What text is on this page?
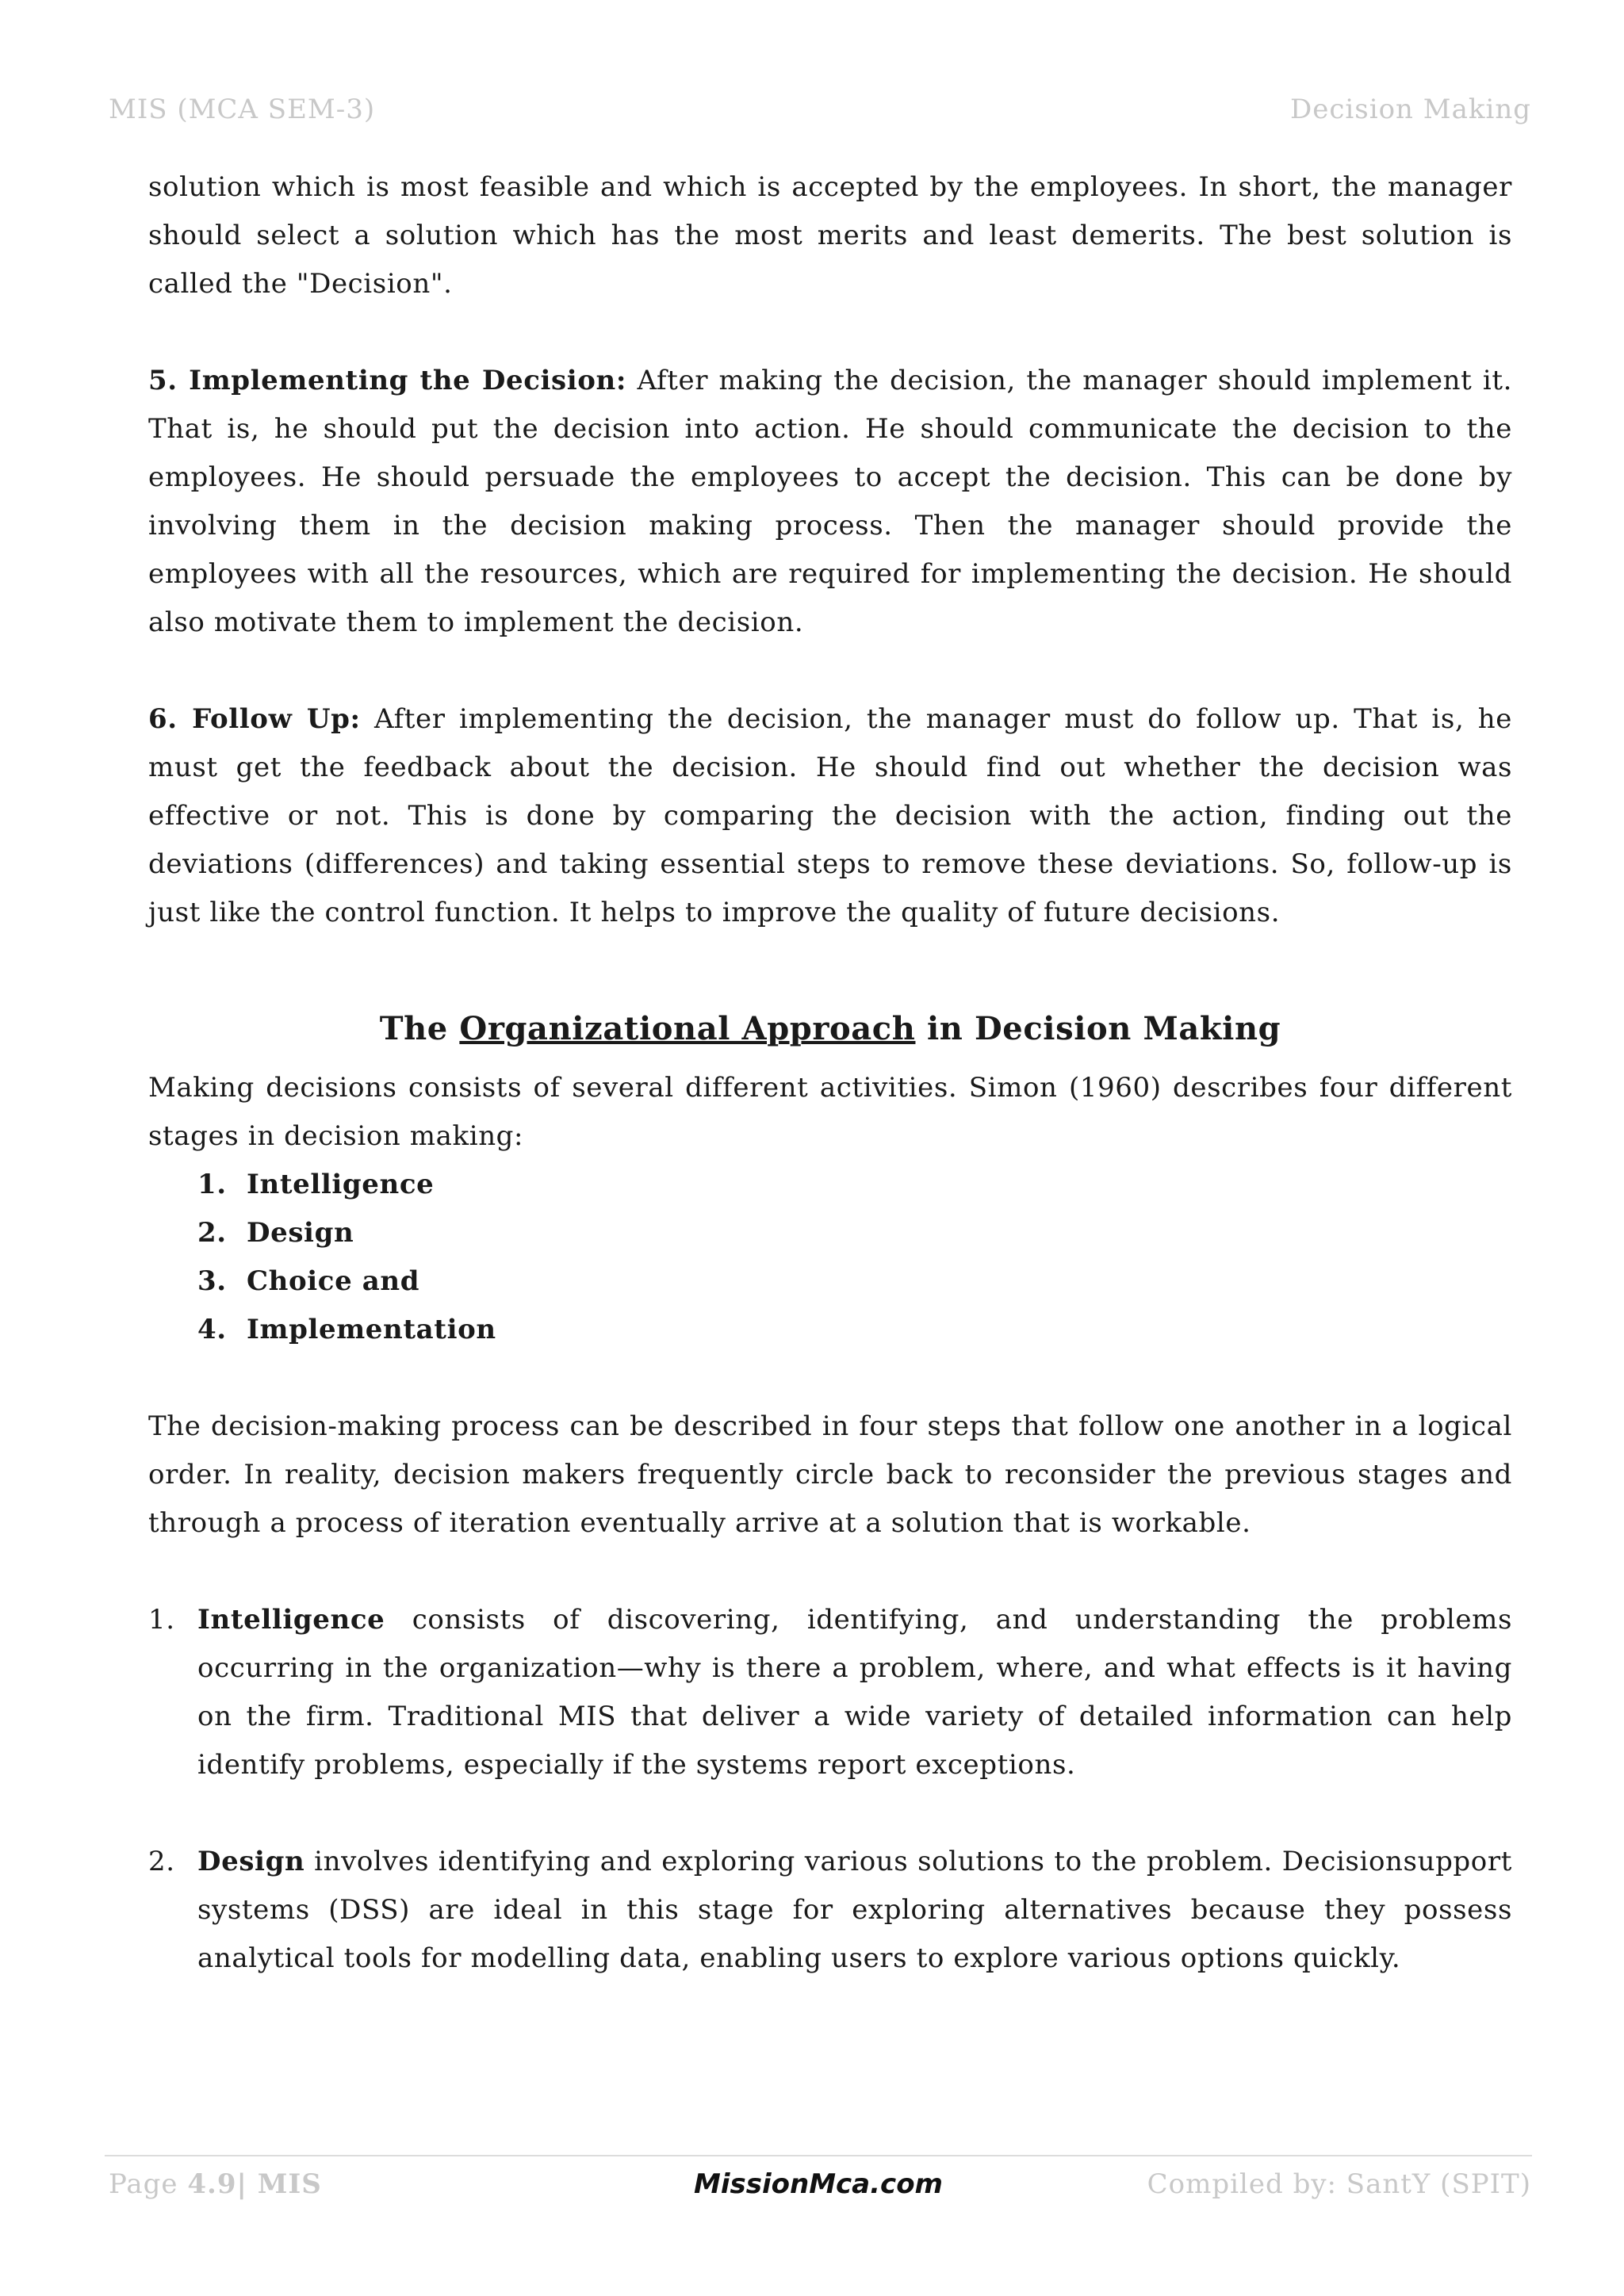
MIS (MCA SEM-3)	Decision Making

solution which is most feasible and which is accepted by the employees. In short, the manager should select a solution which has the most merits and least demerits. The best solution is called the "Decision".

5. Implementing the Decision: After making the decision, the manager should implement it. That is, he should put the decision into action. He should communicate the decision to the employees. He should persuade the employees to accept the decision. This can be done by involving them in the decision making process. Then the manager should provide the employees with all the resources, which are required for implementing the decision. He should also motivate them to implement the decision.

6. Follow Up: After implementing the decision, the manager must do follow up. That is, he must get the feedback about the decision. He should find out whether the decision was effective or not. This is done by comparing the decision with the action, finding out the deviations (differences) and taking essential steps to remove these deviations. So, follow-up is just like the control function. It helps to improve the quality of future decisions.

The Organizational Approach in Decision Making

Making decisions consists of several different activities. Simon (1960) describes four different stages in decision making:

1. Intelligence
2. Design
3. Choice and
4. Implementation

The decision-making process can be described in four steps that follow one another in a logical order. In reality, decision makers frequently circle back to reconsider the previous stages and through a process of iteration eventually arrive at a solution that is workable.

1. Intelligence consists of discovering, identifying, and understanding the problems occurring in the organization—why is there a problem, where, and what effects is it having on the firm. Traditional MIS that deliver a wide variety of detailed information can help identify problems, especially if the systems report exceptions.
2. Design involves identifying and exploring various solutions to the problem. Decisionsupport systems (DSS) are ideal in this stage for exploring alternatives because they possess analytical tools for modelling data, enabling users to explore various options quickly.
Page 4.9| MIS	MissionMca.com	Compiled by: SantY (SPIT)
